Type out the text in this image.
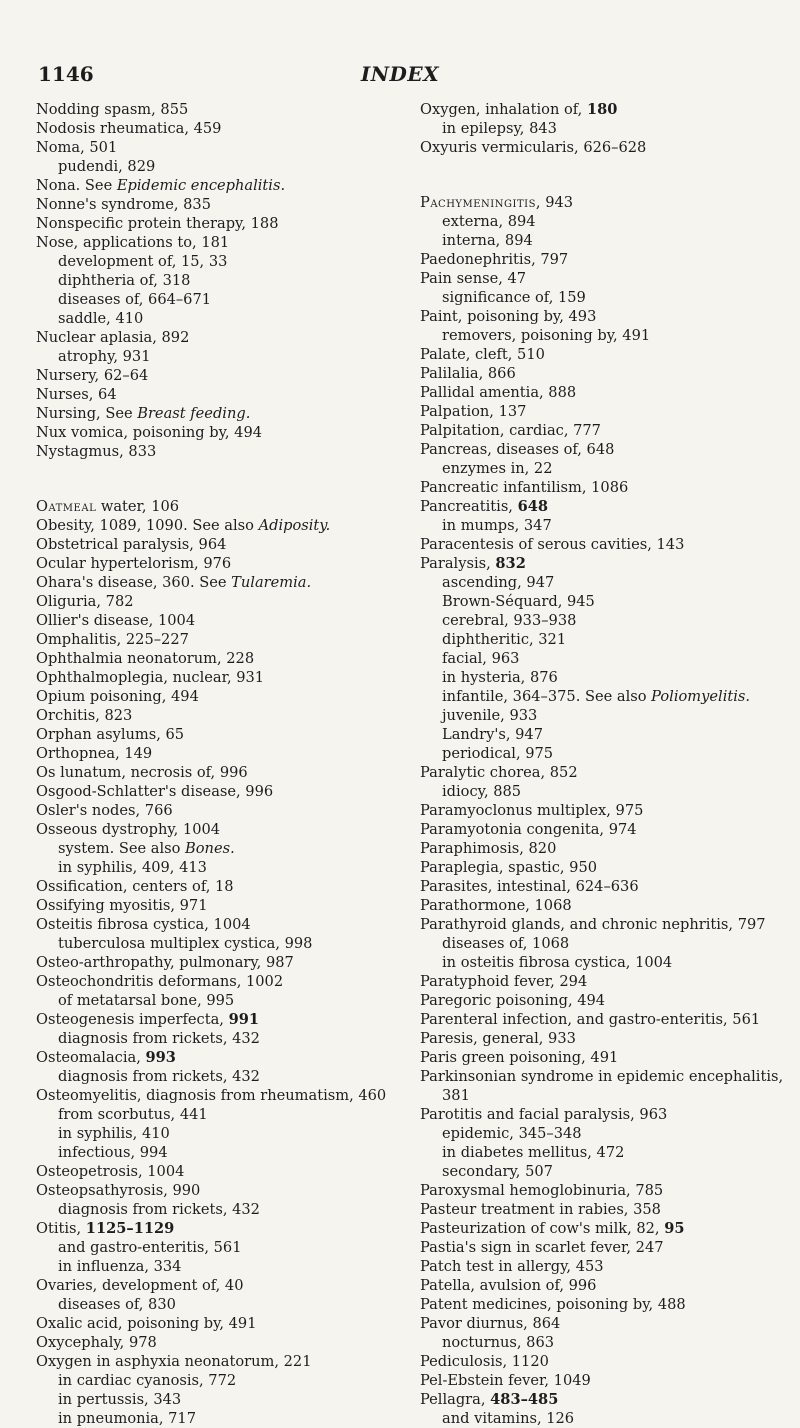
1146	INDEX
Nodding spasm, 855
Nodosis rheumatica, 459
Noma, 501
pudendi, 829
Nona. See Epidemic encephalitis.
Nonne's syndrome, 835
Nonspecific protein therapy, 188
Nose, applications to, 181
development of, 15, 33
diphtheria of, 318
diseases of, 664–671
saddle, 410
Nuclear aplasia, 892
atrophy, 931
Nursery, 62–64
Nurses, 64
Nursing, See Breast feeding.
Nux vomica, poisoning by, 494
Nystagmus, 833
Oatmeal water, 106
Obesity, 1089, 1090. See also Adiposity.
Obstetrical paralysis, 964
Ocular hypertelorism, 976
Ohara's disease, 360. See Tularemia.
Oliguria, 782
Ollier's disease, 1004
Omphalitis, 225–227
Ophthalmia neonatorum, 228
Ophthalmoplegia, nuclear, 931
Opium poisoning, 494
Orchitis, 823
Orphan asylums, 65
Orthopnea, 149
Os lunatum, necrosis of, 996
Osgood-Schlatter's disease, 996
Osler's nodes, 766
Osseous dystrophy, 1004
system. See also Bones.
in syphilis, 409, 413
Ossification, centers of, 18
Ossifying myositis, 971
Osteitis fibrosa cystica, 1004
tuberculosa multiplex cystica, 998
Osteo-arthropathy, pulmonary, 987
Osteochondritis deformans, 1002
of metatarsal bone, 995
Osteogenesis imperfecta, 991
diagnosis from rickets, 432
Osteomalacia, 993
diagnosis from rickets, 432
Osteomyelitis, diagnosis from rheumatism, 460
from scorbutus, 441
in syphilis, 410
infectious, 994
Osteopetrosis, 1004
Osteopsathyrosis, 990
diagnosis from rickets, 432
Otitis, 1125–1129
and gastro-enteritis, 561
in influenza, 334
Ovaries, development of, 40
diseases of, 830
Oxalic acid, poisoning by, 491
Oxycephaly, 978
Oxygen in asphyxia neonatorum, 221
in cardiac cyanosis, 772
in pertussis, 343
in pneumonia, 717
Oxygen, inhalation of, 180
in epilepsy, 843
Oxyuris vermicularis, 626–628
Pachymeningitis, 943
externa, 894
interna, 894
Paedonephritis, 797
Pain sense, 47
significance of, 159
Paint, poisoning by, 493
removers, poisoning by, 491
Palate, cleft, 510
Palilalia, 866
Pallidal amentia, 888
Palpation, 137
Palpitation, cardiac, 777
Pancreas, diseases of, 648
enzymes in, 22
Pancreatic infantilism, 1086
Pancreatitis, 648
in mumps, 347
Paracentesis of serous cavities, 143
Paralysis, 832
ascending, 947
Brown-Séquard, 945
cerebral, 933–938
diphtheritic, 321
facial, 963
in hysteria, 876
infantile, 364–375. See also Poliomyelitis.
juvenile, 933
Landry's, 947
periodical, 975
Paralytic chorea, 852
idiocy, 885
Paramyoclonus multiplex, 975
Paramyotonia congenita, 974
Paraphimosis, 820
Paraplegia, spastic, 950
Parasites, intestinal, 624–636
Parathormone, 1068
Parathyroid glands, and chronic nephritis, 797
diseases of, 1068
in osteitis fibrosa cystica, 1004
Paratyphoid fever, 294
Paregoric poisoning, 494
Parenteral infection, and gastro-enteritis, 561
Paresis, general, 933
Paris green poisoning, 491
Parkinsonian syndrome in epidemic encephalitis, 381
Parotitis and facial paralysis, 963
epidemic, 345–348
in diabetes mellitus, 472
secondary, 507
Paroxysmal hemoglobinuria, 785
Pasteur treatment in rabies, 358
Pasteurization of cow's milk, 82, 95
Pastia's sign in scarlet fever, 247
Patch test in allergy, 453
Patella, avulsion of, 996
Patent medicines, poisoning by, 488
Pavor diurnus, 864
nocturnus, 863
Pediculosis, 1120
Pel-Ebstein fever, 1049
Pellagra, 483–485
and vitamins, 126
